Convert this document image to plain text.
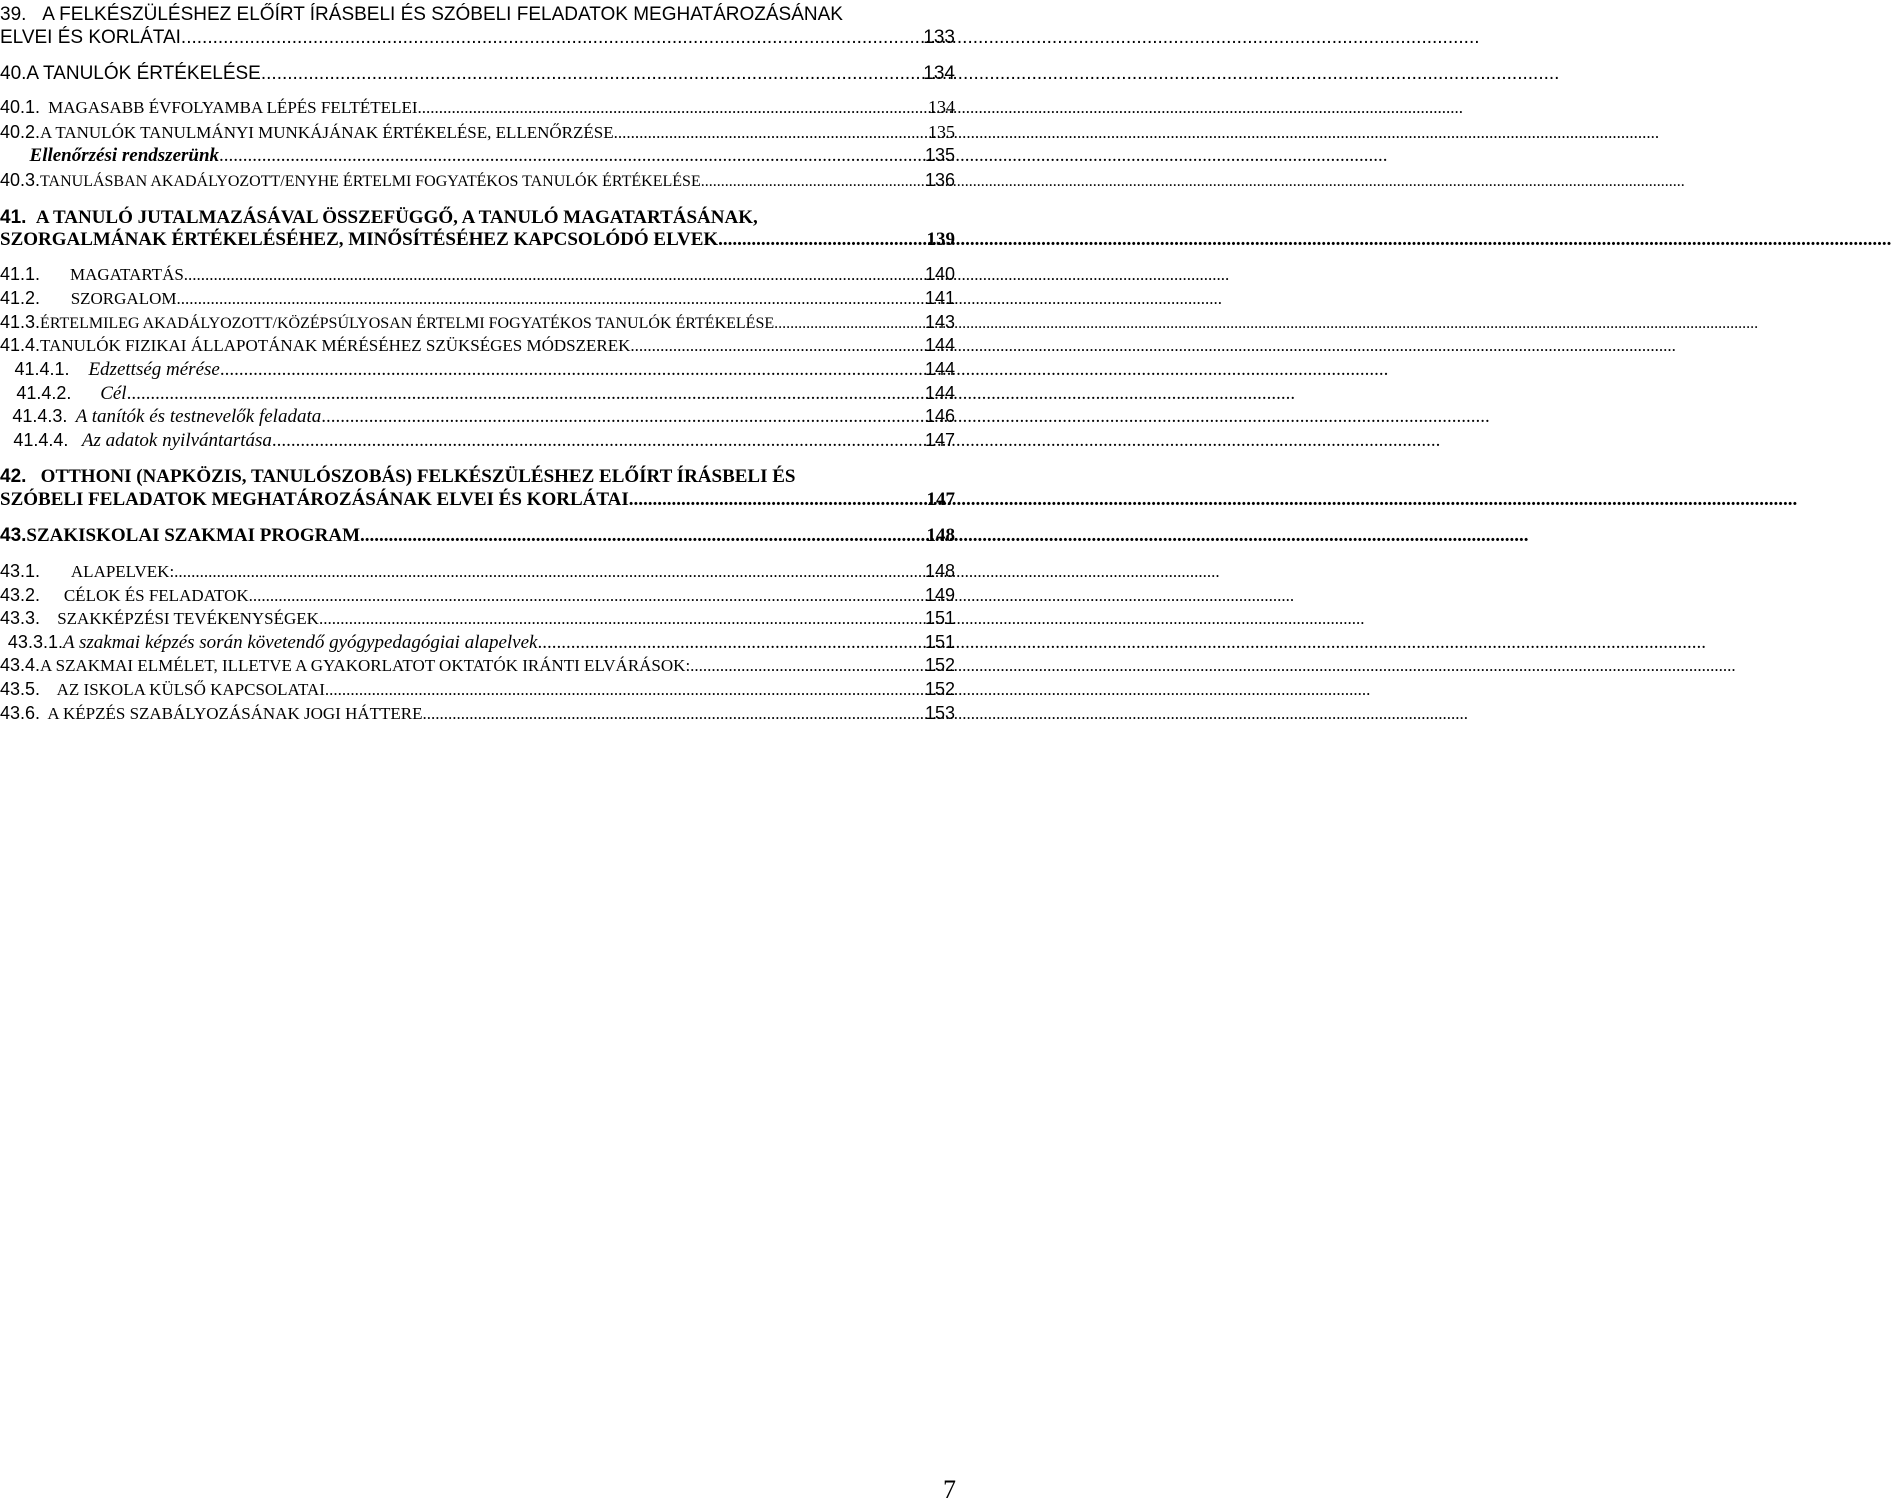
39. A FELKÉSZÜLÉSHEZ ELŐÍRT ÍRÁSBELI ÉS SZÓBELI FELADATOK MEGHATÁROZÁSÁNAK
ELVEI ÉS KORLÁTAI .....	133
40. A TANULÓK ÉRTÉKELÉSE .....	134
40.1. MAGASABB ÉVFOLYAMBA LÉPÉS FELTÉTELEI .....	134
40.2. A TANULÓK TANULMÁNYI MUNKÁJÁNAK ÉRTÉKELÉSE, ELLENŐRZÉSE .....	135
Ellenőrzési rendszerünk .....	135
40.3. TANULÁSBAN AKADÁLYOZOTT/ENYHE ÉRTELMI FOGYATÉKOS TANULÓK ÉRTÉKELÉSE .....	136
41. A TANULÓ JUTALMAZÁSÁVAL ÖSSZEFÜGGŐ, A TANULÓ MAGATARTÁSÁNAK,
SZORGALMÁNAK ÉRTÉKELÉSÉHEZ, MINŐSÍTÉSÉHEZ KAPCSOLÓDÓ ELVEK. .....	139
41.1.	MAGATARTÁS .....	140
41.2.	SZORGALOM .....	141
41.3. ÉRTELMILEG AKADÁLYOZOTT/KÖZÉPSÚLYOSAN ÉRTELMI FOGYATÉKOS TANULÓK ÉRTÉKELÉSE .....	143
41.4. TANULÓK FIZIKAI ÁLLAPOTÁNAK MÉRÉSÉHEZ SZÜKSÉGES MÓDSZEREK .....	144
41.4.1. Edzettség mérése .....	144
41.4.2.	Cél .....	144
41.4.3. A tanítók és testnevelők feladata .....	146
41.4.4. Az adatok nyilvántartása .....	147
42. OTTHONI (NAPKÖZIS, TANULÓSZOBÁS) FELKÉSZÜLÉSHEZ ELŐÍRT ÍRÁSBELI ÉS
SZÓBELI FELADATOK MEGHATÁROZÁSÁNAK ELVEI ÉS KORLÁTAI .....	147
43. SZAKISKOLAI SZAKMAI PROGRAM .....	148
43.1.	ALAPELVEK: .....	148
43.2.	CÉLOK ÉS FELADATOK .....	149
43.3.	SZAKKÉPZÉSI TEVÉKENYSÉGEK .....	151
43.3.1. A szakmai képzés során követendő gyógypedagógiai alapelvek .....	151
43.4. A SZAKMAI ELMÉLET, ILLETVE A GYAKORLATOT OKTATÓK IRÁNTI ELVÁRÁSOK: .....	152
43.5. AZ ISKOLA KÜLSŐ KAPCSOLATAI .....	152
43.6. A KÉPZÉS SZABÁLYOZÁSÁNAK JOGI HÁTTERE .....	153
7
